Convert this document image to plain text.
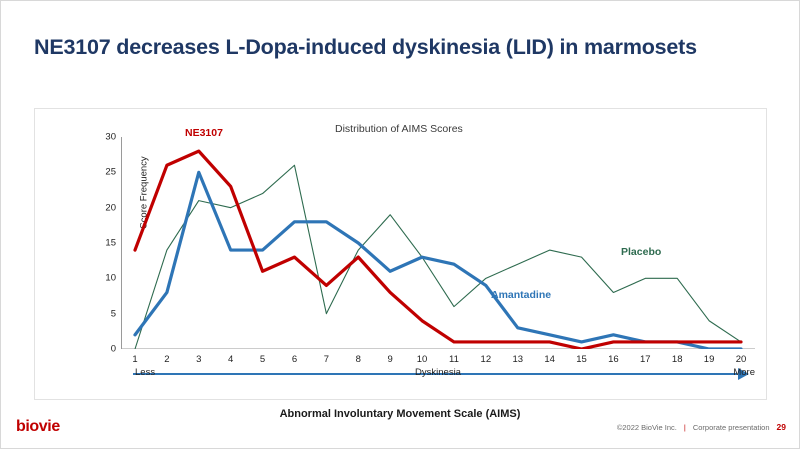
NE3107 decreases L-Dopa-induced dyskinesia (LID) in marmosets
Distribution of AIMS Scores
Score Frequency
0
5
10
15
20
25
30
1	2	3	4	5	6	7	8	9	10 11 12 13 14 15 16 17 18 19 20
NE3107
Placebo
Amantadine
Less	Dyskinesia	More
Abnormal Involuntary Movement Scale (AIMS)
biovie	©2022 BioVie Inc. | Corporate presentation 29
